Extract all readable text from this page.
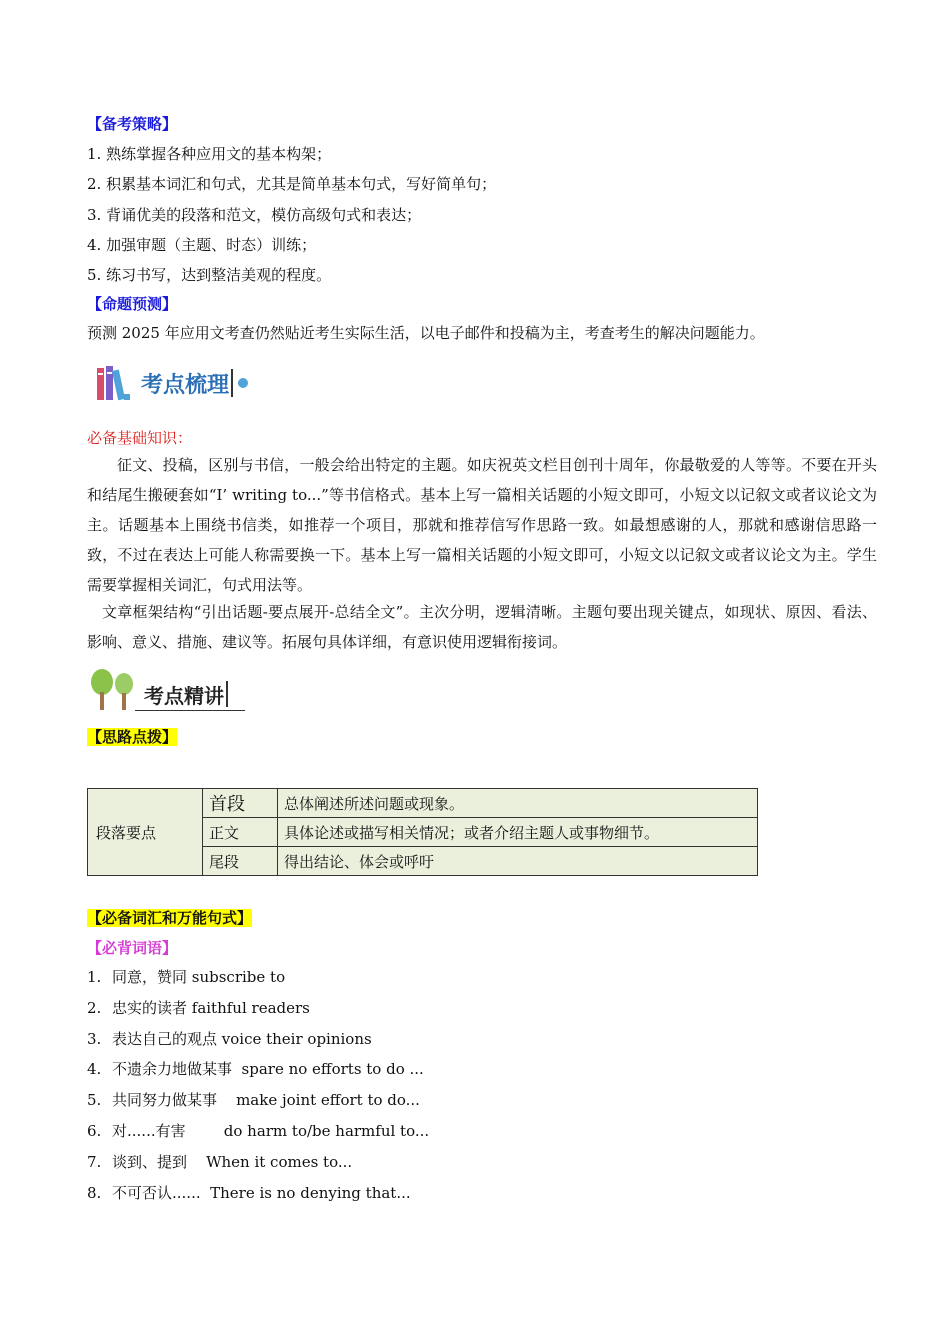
【备考策略】
1. 熟练掌握各种应用文的基本构架；
2. 积累基本词汇和句式，尤其是简单基本句式，写好简单句；
3. 背诵优美的段落和范文，模仿高级句式和表达；
4. 加强审题（主题、时态）训练；
5. 练习书写，达到整洁美观的程度。
【命题预测】
预测 2025 年应用文考查仍然贴近考生实际生活，以电子邮件和投稿为主，考查考生的解决问题能力。
考点梳理
必备基础知识：
征文、投稿，区别与书信，一般会给出特定的主题。如庆祝英文栏目创刊十周年，你最敬爱的人等等。不要在开头和结尾生搬硬套如“I’ writing to...”等书信格式。基本上写一篇相关话题的小短文即可，小短文以记叙文或者议论文为主。话题基本上围绕书信类，如推荐一个项目，那就和推荐信写作思路一致。如最想感谢的人，那就和感谢信思路一致，不过在表达上可能人称需要换一下。基本上写一篇相关话题的小短文即可，小短文以记叙文或者议论文为主。学生需要掌握相关词汇，句式用法等。
文章框架结构“引出话题-要点展开-总结全文”。主次分明，逻辑清晰。主题句要出现关键点，如现状、原因、看法、影响、意义、措施、建议等。拓展句具体详细，有意识使用逻辑衔接词。
考点精讲
【思路点拨】
段落要点	首段	总体阐述所述问题或现象。
	正文	具体论述或描写相关情况；或者介绍主题人或事物细节。
	尾段	得出结论、体会或呼吁
【必备词汇和万能句式】
【必背词语】
1. 同意，赞同 subscribe to
2. 忠实的读者 faithful readers
3. 表达自己的观点 voice their opinions
4. 不遗余力地做某事  spare no efforts to do ...
5. 共同努力做某事    make joint effort to do...
6. 对......有害        do harm to/be harmful to...
7. 谈到、提到    When it comes to...
8. 不可否认......  There is no denying that...
